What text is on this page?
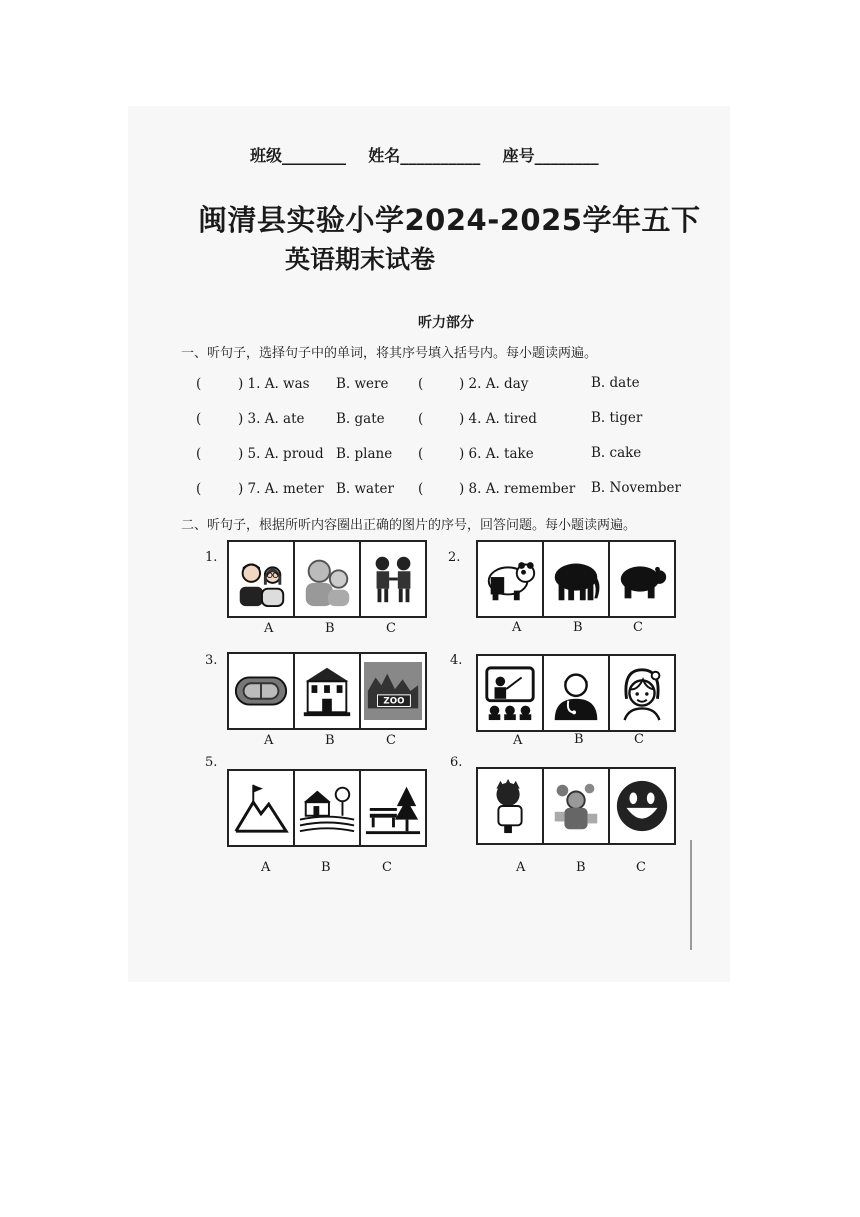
班级________    姓名__________    座号________
闽清县实验小学2024-2025学年五下
英语期末试卷
听力部分
一、听句子，选择句子中的单词，将其序号填入括号内。每小题读两遍。
(	) 1. A. was B. were (	) 2. A. day	B. date
(	) 3. A. ate B. gate (	) 4. A. tired	B. tiger
(	) 5. A. proud B. plane (	) 6. A. take	B. cake
(	) 7. A. meter B. water (	) 8. A. remember B. November
二、听句子，根据所听内容圈出正确的图片的序号，回答问题。每小题读两遍。
1.
A	B	C
2.
A	B	C
3.
ZOO
A	B	C
4.
A	B	C
5.
A	B	C
6.
A	B	C
